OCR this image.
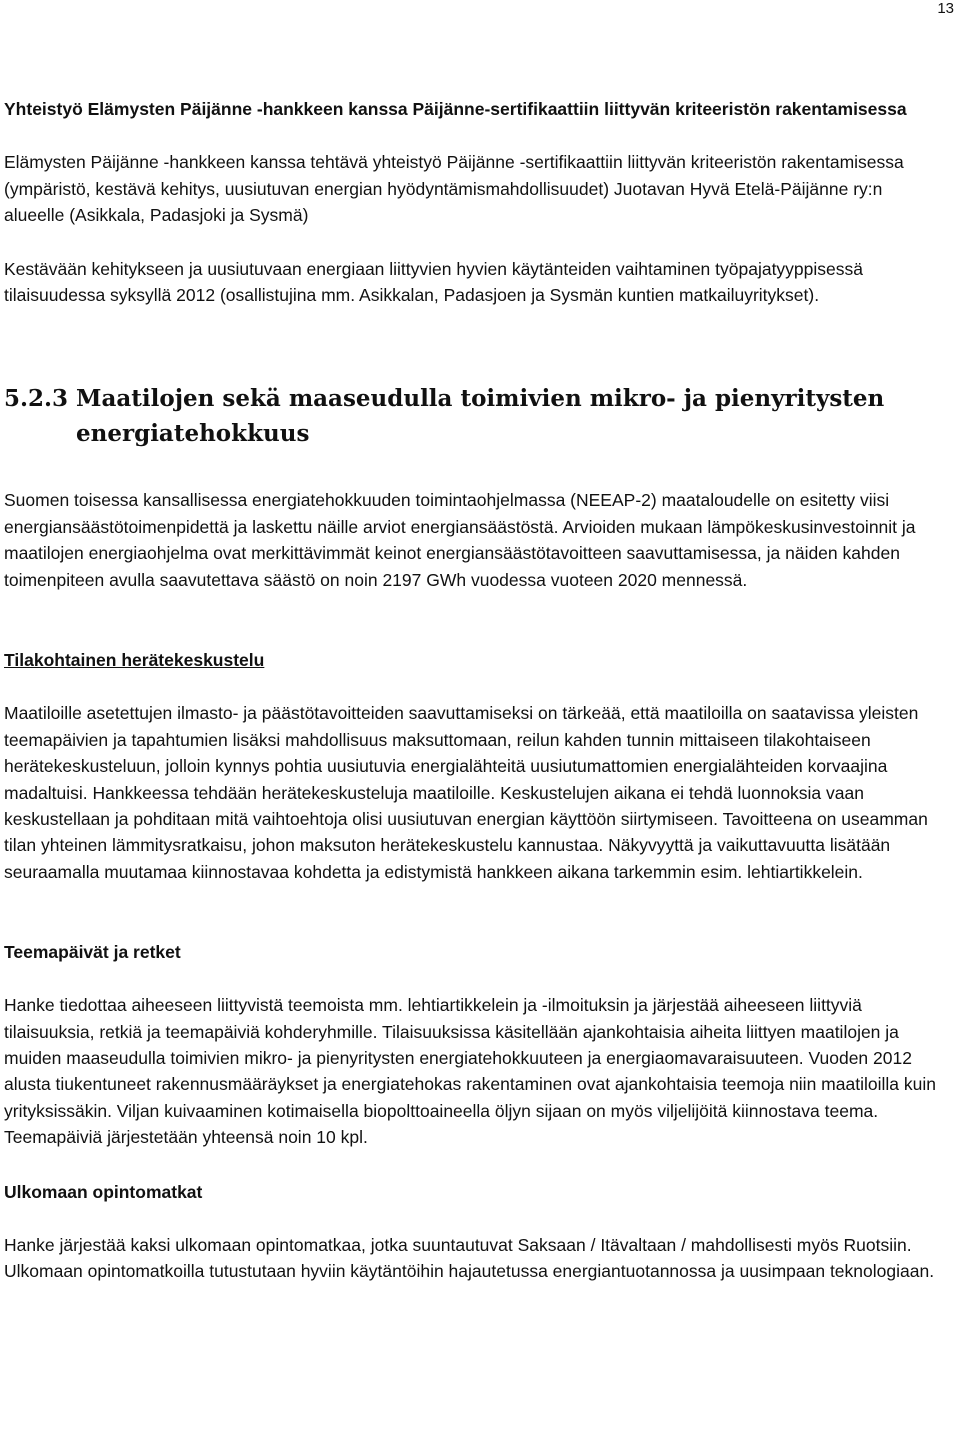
13

Yhteistyö Elämysten Päijänne -hankkeen kanssa Päijänne-sertifikaattiin liittyvän kriteeristön rakentamisessa

Elämysten Päijänne -hankkeen kanssa tehtävä yhteistyö Päijänne -sertifikaattiin liittyvän kriteeristön rakentamisessa (ympäristö, kestävä kehitys, uusiutuvan energian hyödyntämismahdollisuudet) Juotavan Hyvä Etelä-Päijänne ry:n alueelle (Asikkala, Padasjoki ja Sysmä)

Kestävään kehitykseen ja uusiutuvaan energiaan liittyvien hyvien käytänteiden vaihtaminen työpajatyyppisessä tilaisuudessa syksyllä 2012 (osallistujina mm. Asikkalan, Padasjoen ja Sysmän kuntien matkailuyritykset).

5.2.3 Maatilojen sekä maaseudulla toimivien mikro- ja pienyritysten energiatehokkuus

Suomen toisessa kansallisessa energiatehokkuuden toimintaohjelmassa (NEEAP-2) maataloudelle on esitetty viisi energiansäästötoimenpidettä ja laskettu näille arviot energiansäästöstä. Arvioiden mukaan lämpökeskusinvestoinnit ja maatilojen energiaohjelma ovat merkittävimmät keinot energiansäästötavoitteen saavuttamisessa, ja näiden kahden toimenpiteen avulla saavutettava säästö on noin 2197 GWh vuodessa vuoteen 2020 mennessä.

Tilakohtainen herätekeskustelu

Maatiloille asetettujen ilmasto- ja päästötavoitteiden saavuttamiseksi on tärkeää, että maatiloilla on saatavissa yleisten teemapäivien ja tapahtumien lisäksi mahdollisuus maksuttomaan, reilun kahden tunnin mittaiseen tilakohtaiseen herätekeskusteluun, jolloin kynnys pohtia uusiutuvia energialähteitä uusiutumattomien energialähteiden korvaajina madaltuisi. Hankkeessa tehdään herätekeskusteluja maatiloille. Keskustelujen aikana ei tehdä luonnoksia vaan keskustellaan ja pohditaan mitä vaihtoehtoja olisi uusiutuvan energian käyttöön siirtymiseen. Tavoitteena on useamman tilan yhteinen lämmitysratkaisu, johon maksuton herätekeskustelu kannustaa. Näkyvyyttä ja vaikuttavuutta lisätään seuraamalla muutamaa kiinnostavaa kohdetta ja edistymistä hankkeen aikana tarkemmin esim. lehtiartikkelein.

Teemapäivät ja retket

Hanke tiedottaa aiheeseen liittyvistä teemoista mm. lehtiartikkelein ja -ilmoituksin ja järjestää aiheeseen liittyviä tilaisuuksia, retkiä ja teemapäiviä kohderyhmille. Tilaisuuksissa käsitellään ajankohtaisia aiheita liittyen maatilojen ja muiden maaseudulla toimivien mikro- ja pienyritysten energiatehokkuuteen ja energiaomavaraisuuteen. Vuoden 2012 alusta tiukentuneet rakennusmääräykset ja energiatehokas rakentaminen ovat ajankohtaisia teemoja niin maatiloilla kuin yrityksissäkin. Viljan kuivaaminen kotimaisella biopolttoaineella öljyn sijaan on myös viljelijöitä kiinnostava teema. Teemapäiviä järjestetään yhteensä noin 10 kpl.

Ulkomaan opintomatkat

Hanke järjestää kaksi ulkomaan opintomatkaa, jotka suuntautuvat Saksaan / Itävaltaan / mahdollisesti myös Ruotsiin. Ulkomaan opintomatkoilla tutustutaan hyviin käytäntöihin hajautetussa energiantuotannossa ja uusimpaan teknologiaan.
